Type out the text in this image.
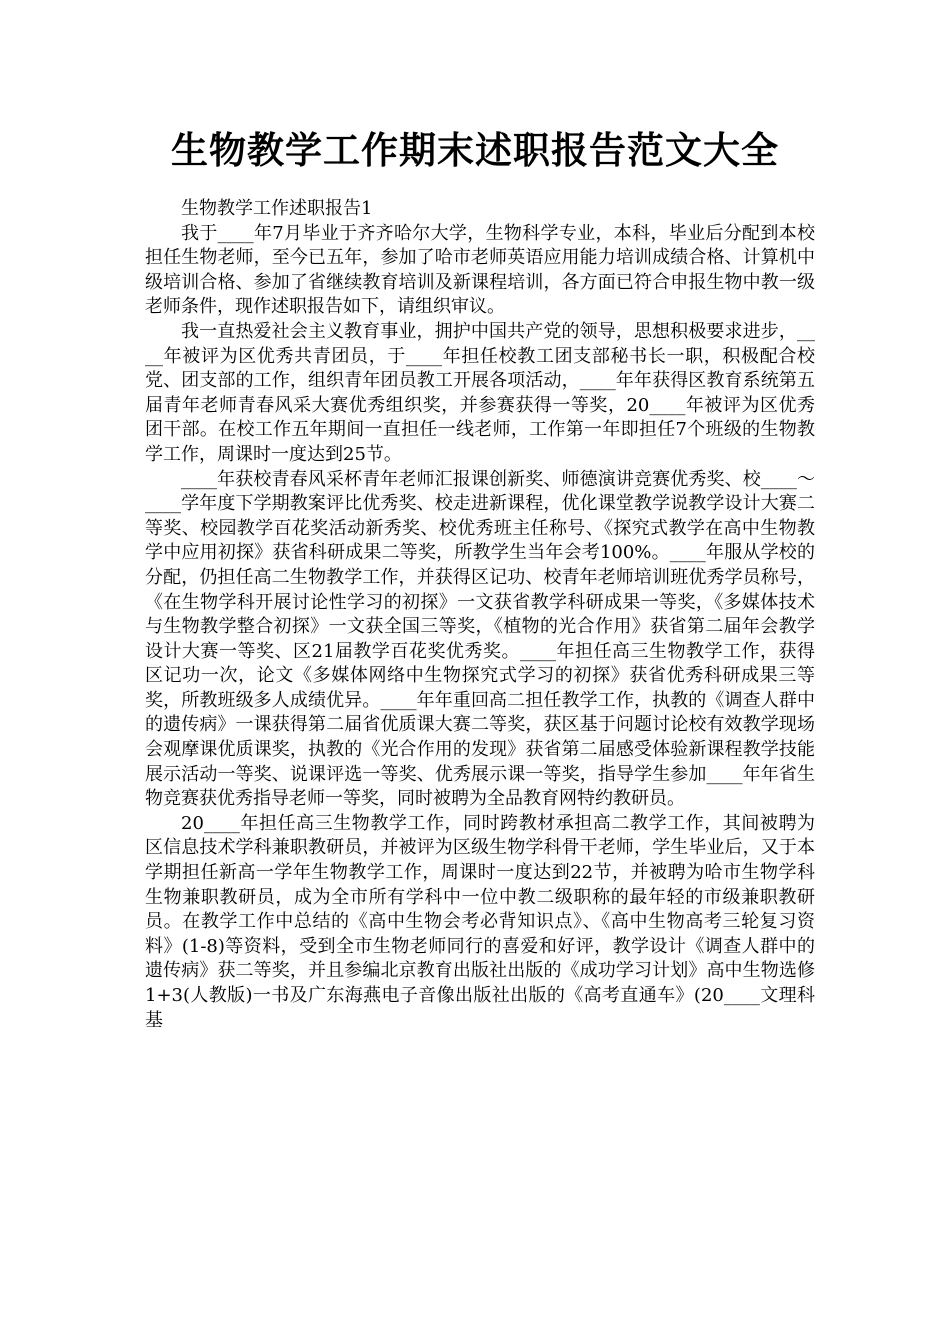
生物教学工作期末述职报告范文大全

生物教学工作述职报告1

我于____年7月毕业于齐齐哈尔大学，生物科学专业，本科，毕业后分配到本校担任生物老师，至今已五年，参加了哈市老师英语应用能力培训成绩合格、计算机中级培训合格、参加了省继续教育培训及新课程培训，各方面已符合申报生物中教一级老师条件，现作述职报告如下，请组织审议。

我一直热爱社会主义教育事业，拥护中国共产党的领导，思想积极要求进步，____年被评为区优秀共青团员，于____年担任校教工团支部秘书长一职，积极配合校党、团支部的工作，组织青年团员教工开展各项活动，____年年获得区教育系统第五届青年老师青春风采大赛优秀组织奖，并参赛获得一等奖，20____年被评为区优秀团干部。在校工作五年期间一直担任一线老师，工作第一年即担任7个班级的生物教学工作，周课时一度达到25节。

____年获校青春风采杯青年老师汇报课创新奖、师德演讲竞赛优秀奖、校____～____学年度下学期教案评比优秀奖、校走进新课程，优化课堂教学说教学设计大赛二等奖、校园教学百花奖活动新秀奖、校优秀班主任称号、《探究式教学在高中生物教学中应用初探》获省科研成果二等奖，所教学生当年会考100%。____年服从学校的分配，仍担任高二生物教学工作，并获得区记功、校青年老师培训班优秀学员称号，《在生物学科开展讨论性学习的初探》一文获省教学科研成果一等奖，《多媒体技术与生物教学整合初探》一文获全国三等奖，《植物的光合作用》获省第二届年会教学设计大赛一等奖、区21届教学百花奖优秀奖。____年担任高三生物教学工作，获得区记功一次，论文《多媒体网络中生物探究式学习的初探》获省优秀科研成果三等奖，所教班级多人成绩优异。____年年重回高二担任教学工作，执教的《调查人群中的遗传病》一课获得第二届省优质课大赛二等奖，获区基于问题讨论校有效教学现场会观摩课优质课奖，执教的《光合作用的发现》获省第二届感受体验新课程教学技能展示活动一等奖、说课评选一等奖、优秀展示课一等奖，指导学生参加____年年省生物竞赛获优秀指导老师一等奖，同时被聘为全品教育网特约教研员。

20____年担任高三生物教学工作，同时跨教材承担高二教学工作，其间被聘为区信息技术学科兼职教研员，并被评为区级生物学科骨干老师，学生毕业后，又于本学期担任新高一学年生物教学工作，周课时一度达到22节，并被聘为哈市生物学科生物兼职教研员，成为全市所有学科中一位中教二级职称的最年轻的市级兼职教研员。在教学工作中总结的《高中生物会考必背知识点》、《高中生物高考三轮复习资料》(1-8)等资料，受到全市生物老师同行的喜爱和好评，教学设计《调查人群中的遗传病》获二等奖，并且参编北京教育出版社出版的《成功学习计划》高中生物选修1+3(人教版)一书及广东海燕电子音像出版社出版的《高考直通车》(20____文理科基
